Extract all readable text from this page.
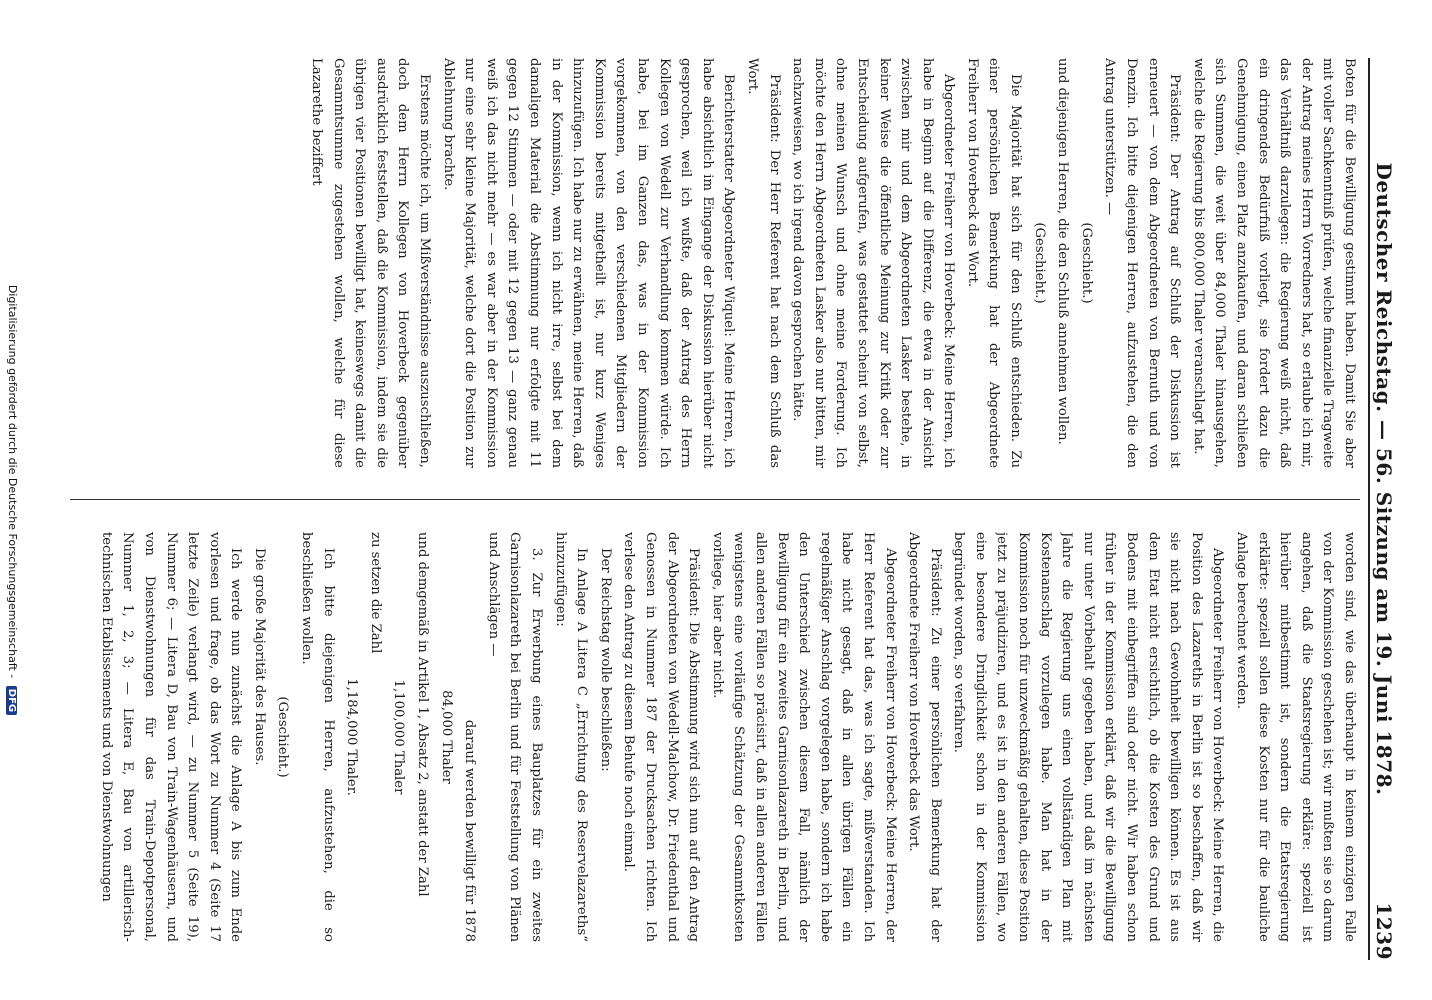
Deutscher Reichstag. — 56. Sitzung am 19. Juni 1878.
1239

Boten für die Bewilligung gestimmt haben. Damit Sie aber mit voller Sachkenntniß prüfen, welche finanzielle Tragweite der Antrag meines Herrn Vorredners hat, so erlaube ich mir, das Verhältniß darzulegen: die Regierung weiß nicht, daß ein dringendes Bedürfniß vorliegt, sie fordert dazu die Genehmigung, einen Platz anzukaufen, und daran schließen sich Summen, die weit über 84,000 Thaler hinausgehen, welche die Regierung bis 800,000 Thaler veranschlagt hat.

Präsident: Der Antrag auf Schluß der Diskussion ist erneuert — von dem Abgeordneten von Bernuth und von Denzin. Ich bitte diejenigen Herren, aufzustehen, die den Antrag unterstützen. —

(Geschieht.)

und diejenigen Herren, die den Schluß annehmen wollen.

(Geschieht.)

Die Majorität hat sich für den Schluß entschieden. Zu einer persönlichen Bemerkung hat der Abgeordnete Freiherr von Hoverbeck das Wort.

Abgeordneter Freiherr von Hoverbeck: Meine Herren, ich habe in Beginn auf die Differenz, die etwa in der Ansicht zwischen mir und dem Abgeordneten Lasker bestehe, in keiner Weise die öffentliche Meinung zur Kritik oder zur Entscheidung aufgerufen, was gestattet scheint von selbst, ohne meinen Wunsch und ohne meine Forderung. Ich möchte den Herrn Abgeordneten Lasker also nur bitten, mir nachzuweisen, wo ich irgend davon gesprochen hätte.

Präsident: Der Herr Referent hat nach dem Schluß das Wort.

Berichterstatter Abgeordneter Wiquel: Meine Herren, ich habe absichtlich im Eingange der Diskussion hierüber nicht gesprochen, weil ich wußte, daß der Antrag des Herrn Kollegen von Wedell zur Verhandlung kommen würde. Ich habe, bei im Ganzen das, was in der Kommission vorgekommen, von den verschiedenen Mitgliedern der Kommission bereits mitgetheilt ist, nur kurz Weniges hinzuzufügen. Ich habe nur zu erwähnen, meine Herren, daß in der Kommission, wenn ich nicht irre, selbst bei dem damaligen Material die Abstimmung nur erfolgte mit 11 gegen 12 Stimmen — oder mit 12 gegen 13 — ganz genau weiß ich das nicht mehr — es war aber in der Kommission nur eine sehr kleine Majorität, welche dort die Position zur Ablehnung brachte.

Erstens möchte ich, um Mißverständnisse auszuschließen, doch dem Herrn Kollegen von Hoverbeck gegenüber ausdrücklich feststellen, daß die Kommission, indem sie die übrigen vier Positionen bewilligt hat, keineswegs damit die Gesammtsumme zugestehen wollen, welche für diese Lazarethe beziffert

worden sind, wie das überhaupt in keinem einzigen Falle von der Kommission geschehen ist; wir mußten sie so darum angehen, daß die Staatsregierung erkläre: speziell ist hierüber mitbestimmt ist, sondern die Etatsregierung erklärte: speziell sollen diese Kosten nur für die bauliche Anlage berechnet werden.

Abgeordneter Freiherr von Hoverbeck: Meine Herren, die Position des Lazareths in Berlin ist so beschaffen, daß wir sie nicht nach Gewohnheit bewilligen können. Es ist aus dem Etat nicht ersichtlich, ob die Kosten des Grund und Bodens mit einbegriffen sind oder nicht. Wir haben schon früher in der Kommission erklärt, daß wir die Bewilligung nur unter Vorbehalt gegeben haben, und daß im nächsten Jahre die Regierung uns einen vollständigen Plan mit Kostenanschlag vorzulegen habe. Man hat in der Kommission noch für unzweckmäßig gehalten, diese Position jetzt zu präjudiziren, und es ist in den anderen Fällen, wo eine besondere Dringlichkeit schon in der Kommission begründet worden, so verfahren.

Präsident: Zu einer persönlichen Bemerkung hat der Abgeordnete Freiherr von Hoverbeck das Wort.

Abgeordneter Freiherr von Hoverbeck: Meine Herren, der Herr Referent hat das, was ich sagte, mißverstanden. Ich habe nicht gesagt, daß in allen übrigen Fällen ein regelmäßiger Anschlag vorgelegen habe, sondern ich habe den Unterschied zwischen diesem Fall, nämlich der Bewilligung für ein zweites Garnisonlazareth in Berlin, und allen anderen Fällen so präcisirt, daß in allen anderen Fällen wenigstens eine vorläufige Schätzung der Gesammtkosten vorliege, hier aber nicht.

Präsident: Die Abstimmung wird sich nun auf den Antrag der Abgeordneten von Wedell-Malchow, Dr. Friedenthal und Genossen in Nummer 187 der Drucksachen richten. Ich verlese den Antrag zu diesem Behufe noch einmal.

Der Reichstag wolle beschließen:

In Anlage A Litera C „Errichtung des Reservelazareths“ hinzuzufügen:

3. Zur Erwerbung eines Bauplatzes für ein zweites Garnisonlazareth bei Berlin und für Feststellung von Plänen und Anschlägen —

darauf werden bewilligt für 1878

84,000 Thaler

und demgemäß in Artikel 1, Absatz 2, anstatt der Zahl

1,100,000 Thaler

zu setzen die Zahl

1,184,000 Thaler.

Ich bitte diejenigen Herren, aufzustehen, die so beschließen wollen.

(Geschieht.)

Die große Majorität des Hauses.

Ich werde nun zunächst die Anlage A bis zum Ende vorlesen und frage, ob das Wort zu Nummer 4 (Seite 17 letzte Zeile) verlangt wird, — zu Nummer 5 (Seite 19), Nummer 6; — Litera D, Bau von Train-Wagenhäusern, und von Dienstwohnungen für das Train-Depotpersonal, Nummer 1, 2, 3; — Litera E, Bau von artillerisch-technischen Etablissements und von Dienstwohnungen

Digitalisierung gefördert durch die Deutsche Forschungsgemeinschaft - DFG
